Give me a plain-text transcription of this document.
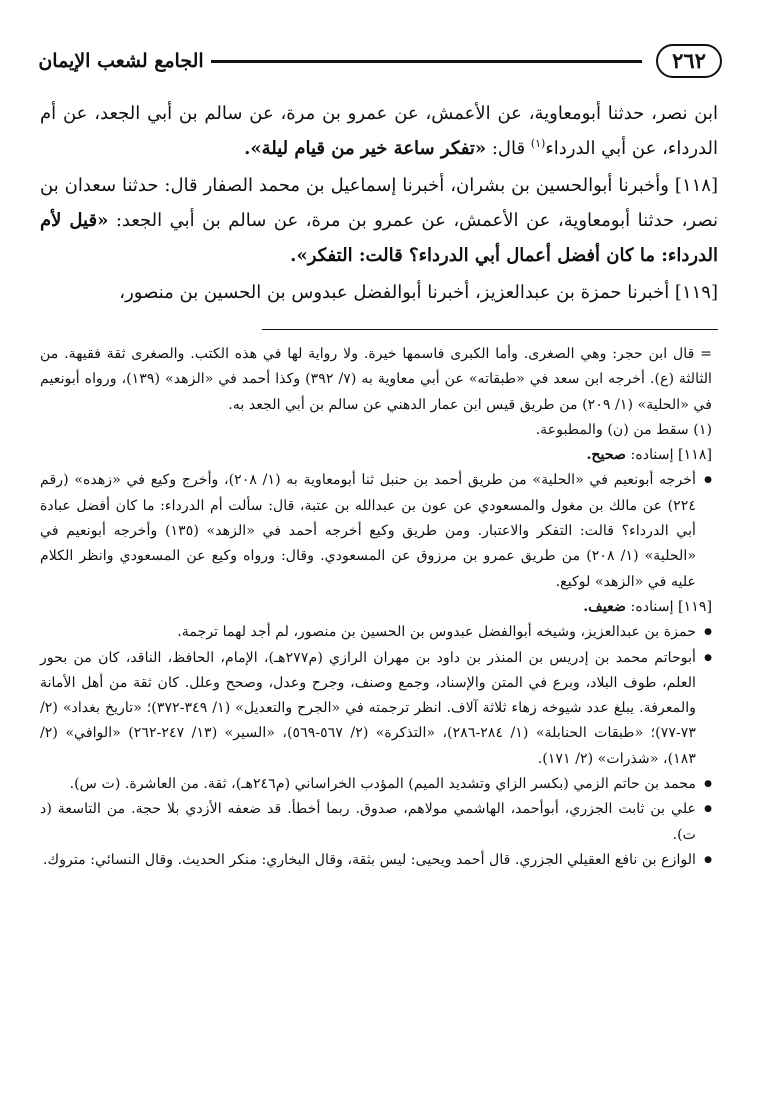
٢٦٢
الجامع لشعب الإيمان

ابن نصر، حدثنا أبومعاوية، عن الأعمش، عن عمرو بن مرة، عن سالم بن أبي الجعد، عن أم الدرداء، عن أبي الدرداء$^{(١)}$ قال: «تفكر ساعة خير من قيام ليلة».

[١١٨] وأخبرنا أبوالحسين بن بشران، أخبرنا إسماعيل بن محمد الصفار قال: حدثنا سعدان بن نصر، حدثنا أبومعاوية، عن الأعمش، عن عمرو بن مرة، عن سالم بن أبي الجعد: «قيل لأم الدرداء: ما كان أفضل أعمال أبي الدرداء؟ قالت: التفكر».

[١١٩] أخبرنا حمزة بن عبدالعزيز، أخبرنا أبوالفضل عبدوس بن الحسين بن منصور،

= قال ابن حجر: وهي الصغرى. وأما الكبرى فاسمها خيرة. ولا رواية لها في هذه الكتب. والصغرى ثقة فقيهة. من الثالثة (ع). أخرجه ابن سعد في «طبقاته» عن أبي معاوية به (٧/ ٣٩٢) وكذا أحمد في «الزهد» (١٣٩)، ورواه أبونعيم في «الحلية» (١/ ٢٠٩) من طريق قيس ابن عمار الدهني عن سالم بن أبي الجعد به.

(١) سقط من (ن) والمطبوعة.

[١١٨] إسناده: صحيح.

● أخرجه أبونعيم في «الحلية» من طريق أحمد بن حنبل ثنا أبومعاوية به (١/ ٢٠٨)، وأخرج وكيع في «زهده» (رقم ٢٢٤) عن مالك بن مغول والمسعودي عن عون بن عبدالله بن عتبة، قال: سألت أم الدرداء: ما كان أفضل عبادة أبي الدرداء؟ قالت: التفكر والاعتبار. ومن طريق وكيع أخرجه أحمد في «الزهد» (١٣٥) وأخرجه أبونعيم في «الحلية» (١/ ٢٠٨) من طريق عمرو بن مرزوق عن المسعودي. وقال: ورواه وكيع عن المسعودي وانظر الكلام عليه في «الزهد» لوكيع.

[١١٩] إسناده: ضعيف.

● حمزة بن عبدالعزيز، وشيخه أبوالفضل عبدوس بن الحسين بن منصور، لم أجد لهما ترجمة.

● أبوحاتم محمد بن إدريس بن المنذر بن داود بن مهران الرازي (م٢٧٧هـ)، الإمام، الحافظ، الناقد، كان من بحور العلم، طوف البلاد، وبرع في المتن والإسناد، وجمع وصنف، وجرح وعدل، وصحح وعلل. كان ثقة من أهل الأمانة والمعرفة. يبلغ عدد شيوخه زهاء ثلاثة آلاف. انظر ترجمته في «الجرح والتعديل» (١/ ٣٤٩-٣٧٢)؛ «تاريخ بغداد» (٢/ ٧٣-٧٧)؛ «طبقات الحنابلة» (١/ ٢٨٤-٢٨٦)، «التذكرة» (٢/ ٥٦٧-٥٦٩)، «السير» (١٣/ ٢٤٧-٢٦٢) «الوافي» (٢/ ١٨٣)، «شذرات» (٢/ ١٧١).

● محمد بن حاتم الزمي (بكسر الزاي وتشديد الميم) المؤدب الخراساني (م٢٤٦هـ)، ثقة. من العاشرة. (ت س).

● علي بن ثابت الجزري، أبوأحمد، الهاشمي مولاهم، صدوق. ربما أخطأ. قد ضعفه الأزدي بلا حجة. من التاسعة (د ت).

● الوازع بن نافع العقيلي الجزري. قال أحمد ويحيى: ليس بثقة، وقال البخاري: منكر الحديث. وقال النسائي: متروك.
